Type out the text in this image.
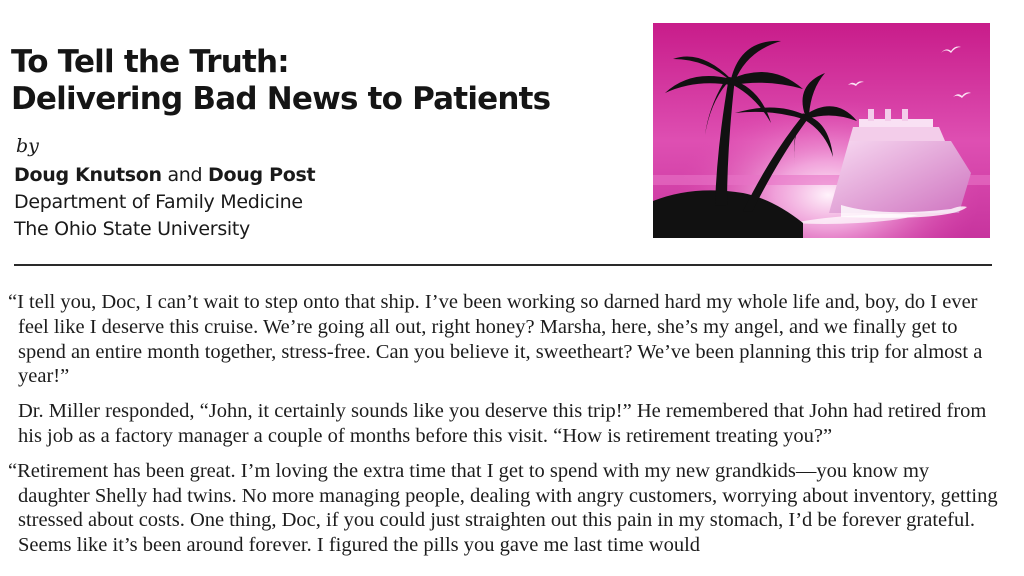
To Tell the Truth:
Delivering Bad News to Patients
by
Doug Knutson and Doug Post
Department of Family Medicine
The Ohio State University

“I tell you, Doc, I can’t wait to step onto that ship. I’ve been working so darned hard my whole life and, boy, do I ever feel like I deserve this cruise. We’re going all out, right honey? Marsha, here, she’s my angel, and we finally get to spend an entire month together, stress-free. Can you believe it, sweetheart? We’ve been planning this trip for almost a year!”

Dr. Miller responded, “John, it certainly sounds like you deserve this trip!” He remembered that John had retired from his job as a factory manager a couple of months before this visit. “How is retirement treating you?”

“Retirement has been great. I’m loving the extra time that I get to spend with my new grandkids—you know my daughter Shelly had twins. No more managing people, dealing with angry customers, worrying about inventory, getting stressed about costs. One thing, Doc, if you could just straighten out this pain in my stomach, I’d be forever grateful. Seems like it’s been around forever. I figured the pills you gave me last time would
